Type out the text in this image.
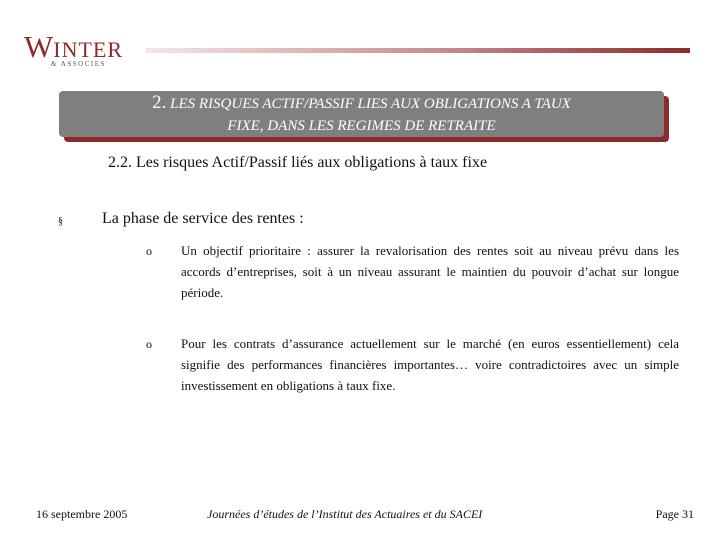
WINTER
& ASSOCIES
2. LES RISQUES ACTIF/PASSIF LIES AUX OBLIGATIONS A TAUX
FIXE, DANS LES REGIMES DE RETRAITE
2.2. Les risques Actif/Passif liés aux obligations à taux fixe
§ La phase de service des rentes :
o Un objectif prioritaire : assurer la revalorisation des rentes soit au niveau prévu dans les accords d’entreprises, soit à un niveau assurant le maintien du pouvoir d’achat sur longue période.
o Pour les contrats d’assurance actuellement sur le marché (en euros essentiellement) cela signifie des performances financières importantes… voire contradictoires avec un simple investissement en obligations à taux fixe.
16 septembre 2005	Journées d’études de l’Institut des Actuaires et du SACEI	Page 31
